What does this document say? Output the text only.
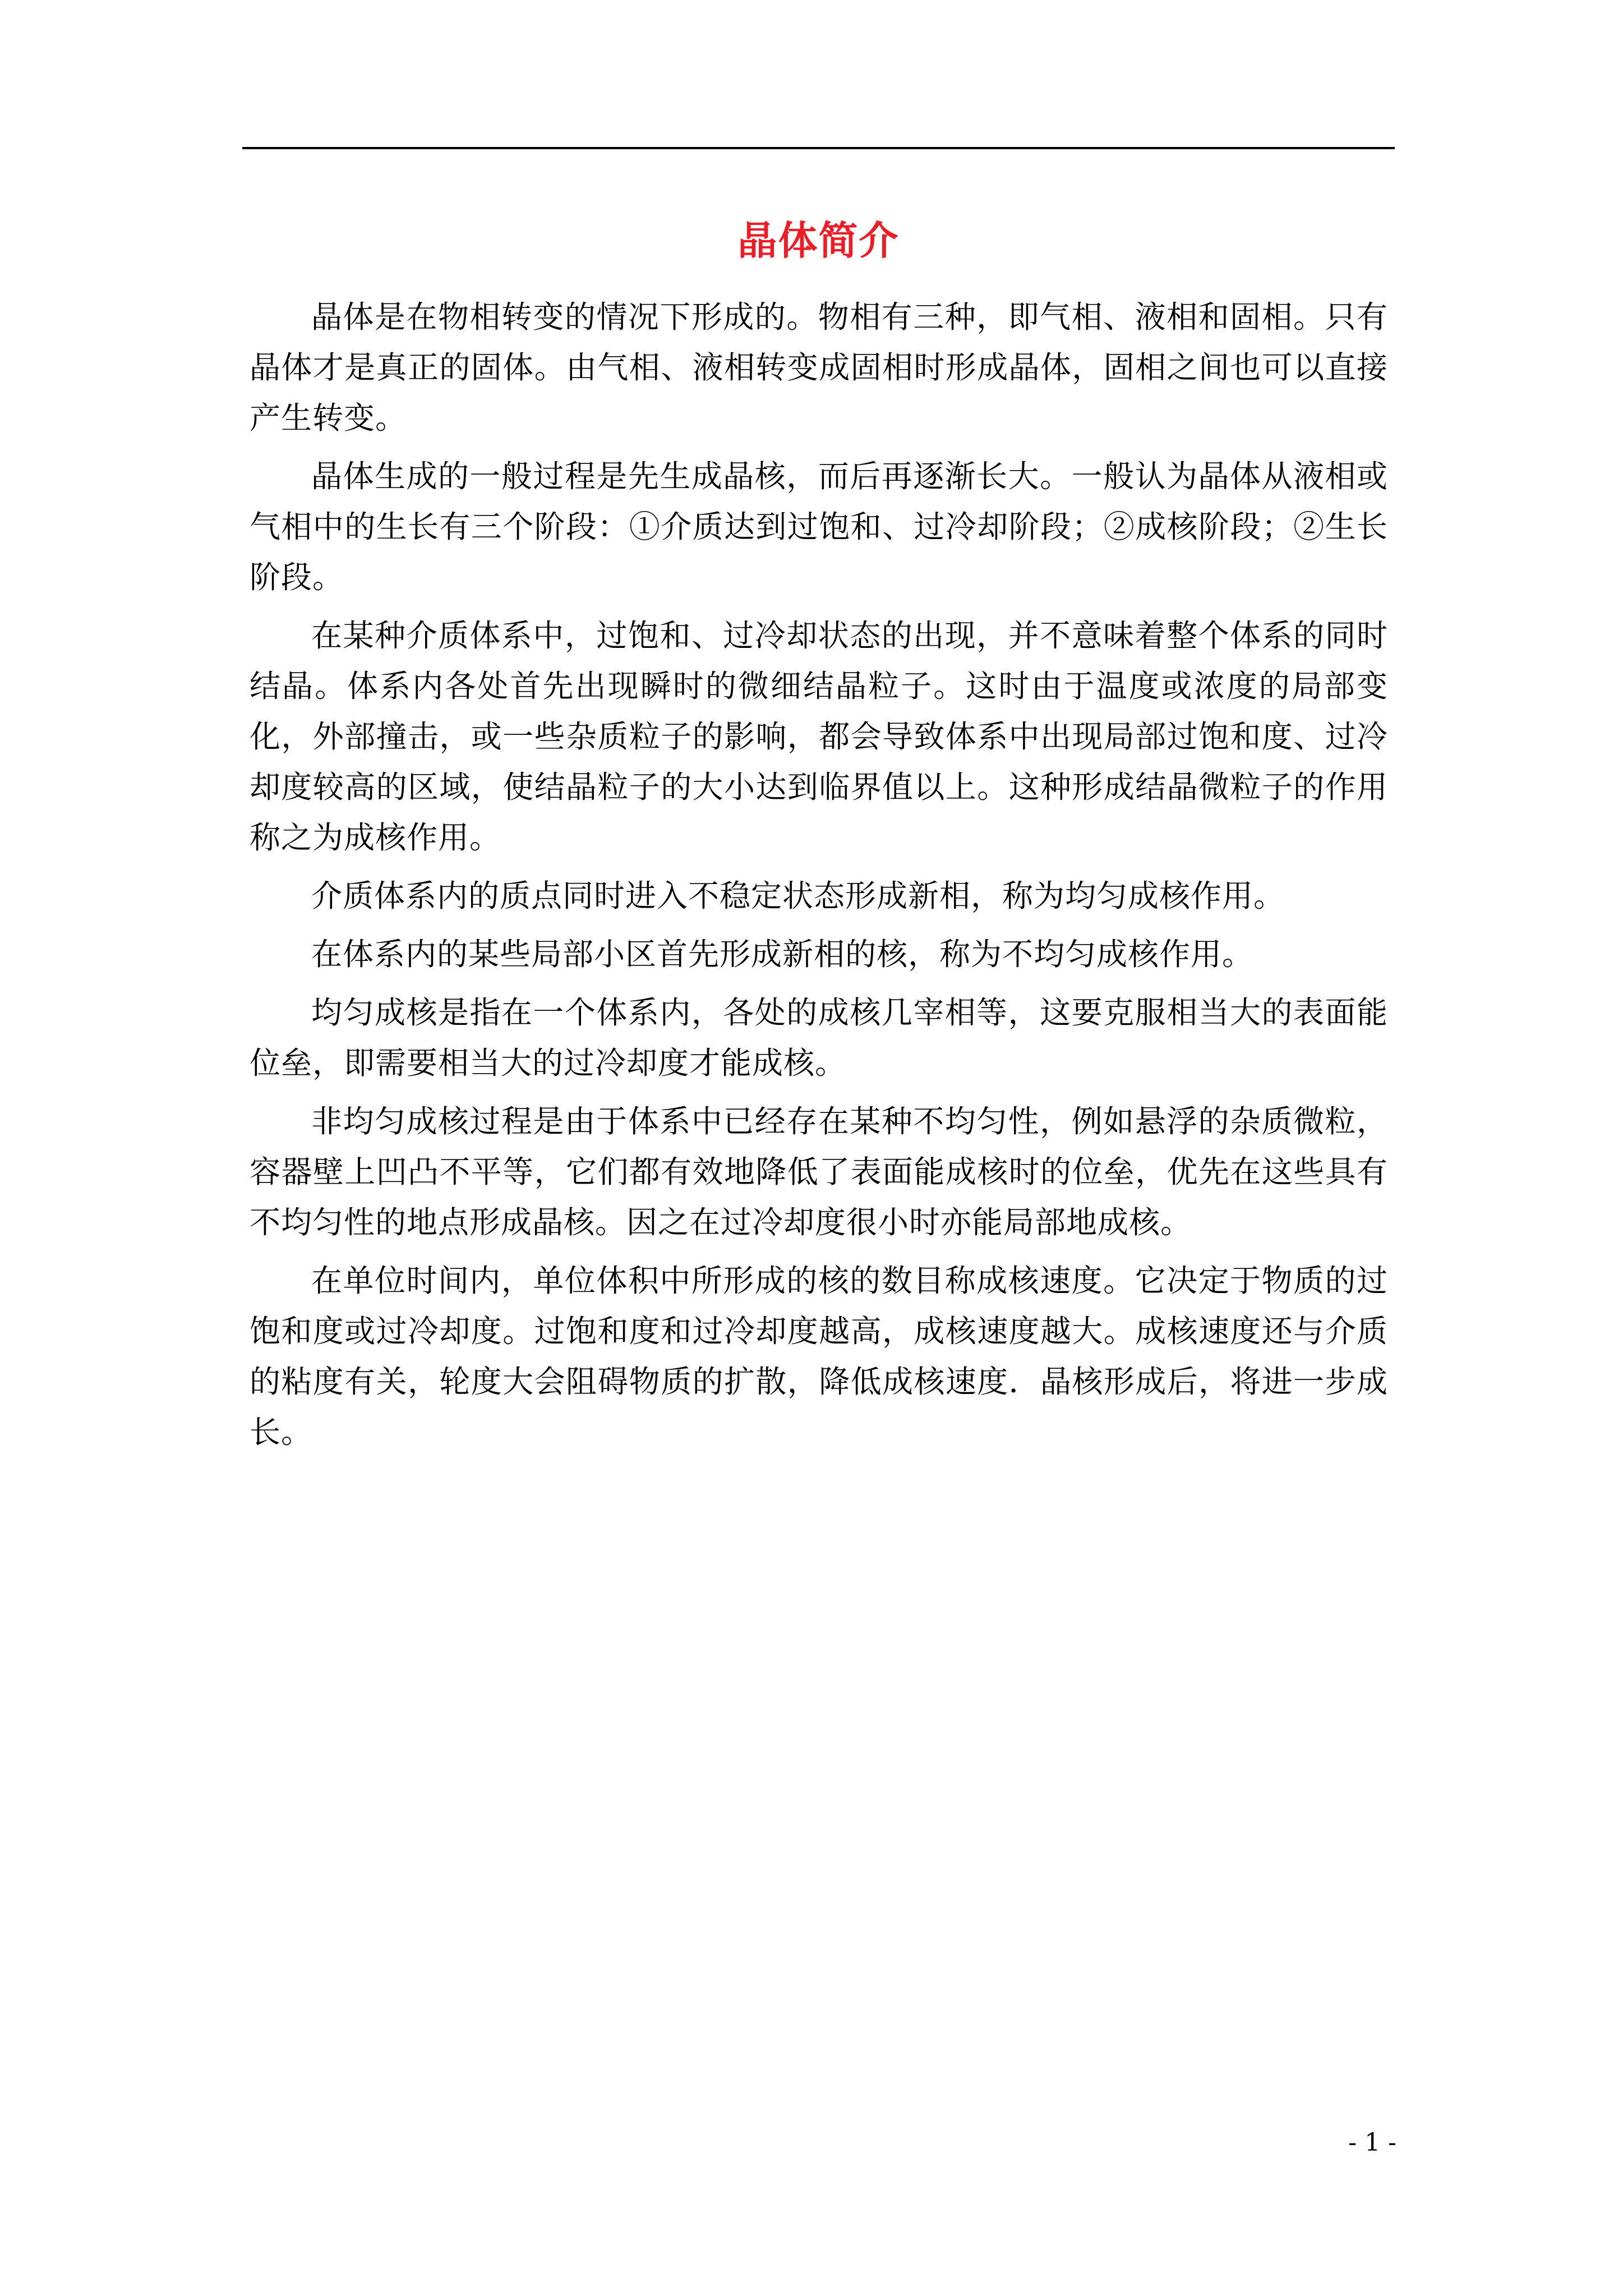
晶体简介

晶体是在物相转变的情况下形成的。物相有三种，即气相、液相和固相。只有晶体才是真正的固体。由气相、液相转变成固相时形成晶体，固相之间也可以直接产生转变。

晶体生成的一般过程是先生成晶核，而后再逐渐长大。一般认为晶体从液相或气相中的生长有三个阶段：①介质达到过饱和、过冷却阶段；②成核阶段；②生长阶段。

在某种介质体系中，过饱和、过冷却状态的出现，并不意味着整个体系的同时结晶。体系内各处首先出现瞬时的微细结晶粒子。这时由于温度或浓度的局部变化，外部撞击，或一些杂质粒子的影响，都会导致体系中出现局部过饱和度、过冷却度较高的区域，使结晶粒子的大小达到临界值以上。这种形成结晶微粒子的作用称之为成核作用。

介质体系内的质点同时进入不稳定状态形成新相，称为均匀成核作用。

在体系内的某些局部小区首先形成新相的核，称为不均匀成核作用。

均匀成核是指在一个体系内，各处的成核几宰相等，这要克服相当大的表面能位垒，即需要相当大的过冷却度才能成核。

非均匀成核过程是由于体系中已经存在某种不均匀性，例如悬浮的杂质微粒，容器壁上凹凸不平等，它们都有效地降低了表面能成核时的位垒，优先在这些具有不均匀性的地点形成晶核。因之在过冷却度很小时亦能局部地成核。

在单位时间内，单位体积中所形成的核的数目称成核速度。它决定于物质的过饱和度或过冷却度。过饱和度和过冷却度越高，成核速度越大。成核速度还与介质的粘度有关，轮度大会阻碍物质的扩散，降低成核速度．晶核形成后，将进一步成长。

- 1 -
